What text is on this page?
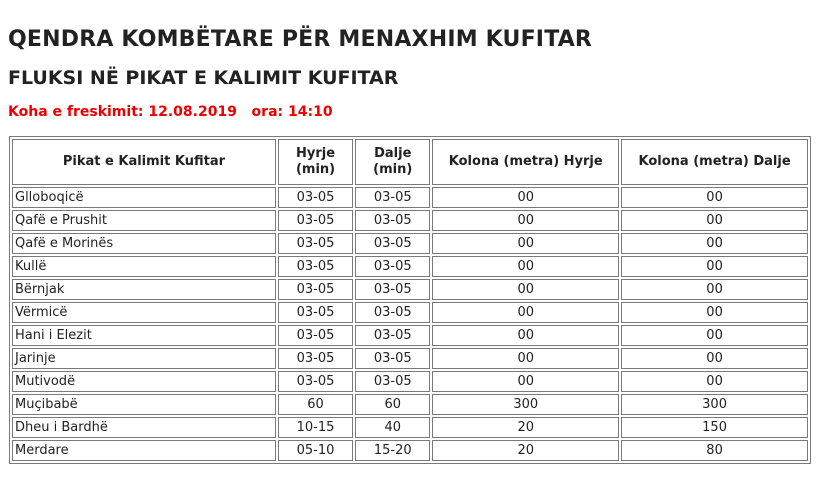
QENDRA KOMBËTARE PËR MENAXHIM KUFITAR
FLUKSI NË PIKAT E KALIMIT KUFITAR
Koha e freskimit: 12.08.2019   ora: 14:10
Pikat e Kalimit Kufitar	Hyrje (min)	Dalje (min)	Kolona (metra) Hyrje	Kolona (metra) Dalje
Glloboqicë	03-05	03-05	00	00
Qafë e Prushit	03-05	03-05	00	00
Qafë e Morinës	03-05	03-05	00	00
Kullë	03-05	03-05	00	00
Bërnjak	03-05	03-05	00	00
Vërmicë	03-05	03-05	00	00
Hani i Elezit	03-05	03-05	00	00
Jarinje	03-05	03-05	00	00
Mutivodë	03-05	03-05	00	00
Muçibabë	60	60	300	300
Dheu i Bardhë	10-15	40	20	150
Merdare	05-10	15-20	20	80
